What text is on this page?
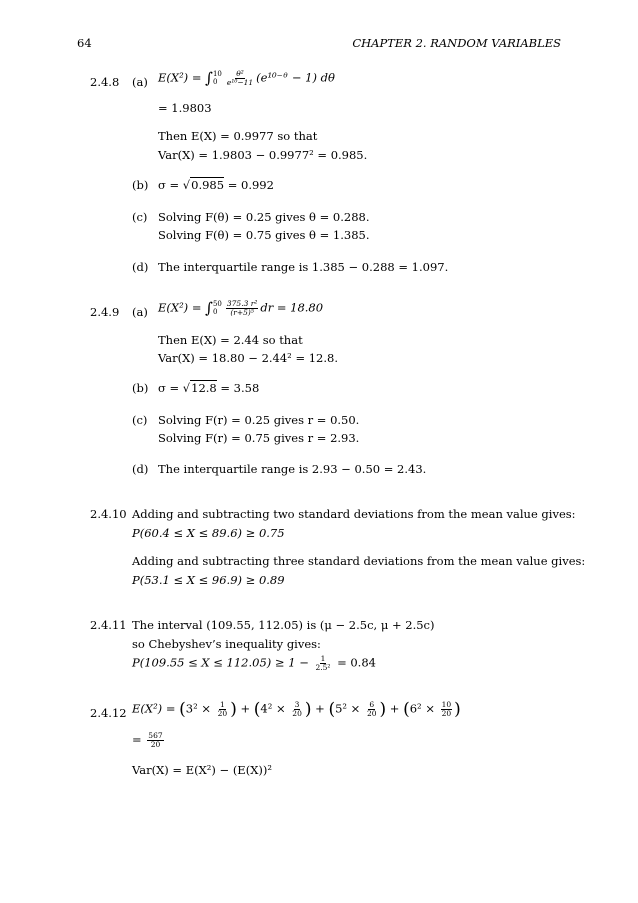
64	CHAPTER 2. RANDOM VARIABLES
2.4.8 (a) E(X²) = ∫ 10
0	$\frac{\text{θ²}}{\text{e¹⁰−11}}$ (e¹⁰⁻ᶿ − 1) dθ
= 1.9803
Then E(X) = 0.9977 so that
Var(X) = 1.9803 − 0.9977² = 0.985.
(b) σ = √0.985 = 0.992
(c) Solving F(θ) = 0.25 gives θ = 0.288.
Solving F(θ) = 0.75 gives θ = 1.385.
(d) The interquartile range is 1.385 − 0.288 = 1.097.
2.4.9 (a) E(X²) = ∫ 50
0	$\frac{\text{375.3 r²}}{\text{(r+5)⁵}}$ dr = 18.80
Then E(X) = 2.44 so that
Var(X) = 18.80 − 2.44² = 12.8.
(b) σ = √12.8 = 3.58
(c) Solving F(r) = 0.25 gives r = 0.50.
Solving F(r) = 0.75 gives r = 2.93.
(d) The interquartile range is 2.93 − 0.50 = 2.43.
2.4.10 Adding and subtracting two standard deviations from the mean value gives:
P(60.4 ≤ X ≤ 89.6) ≥ 0.75
Adding and subtracting three standard deviations from the mean value gives:
P(53.1 ≤ X ≤ 96.9) ≥ 0.89
2.4.11 The interval (109.55, 112.05) is (μ − 2.5c, μ + 2.5c)
so Chebyshev’s inequality gives:
$P(109.55 \le X \le 112.05) \ge 1 - \frac{1}{\text{2.5²}} = 0.84$
2.4.12 $E(X^2) = (3^2 \times \frac{1}{20}$ ) + ($4^2 \times \frac{3}{20}$ ) + ($5^2 \times \frac{6}{20}$ ) + ($6^2 \times \frac{10}{20}$ )
= $\frac{567}{20}$
Var(X) = E(X²) − (E(X))²
